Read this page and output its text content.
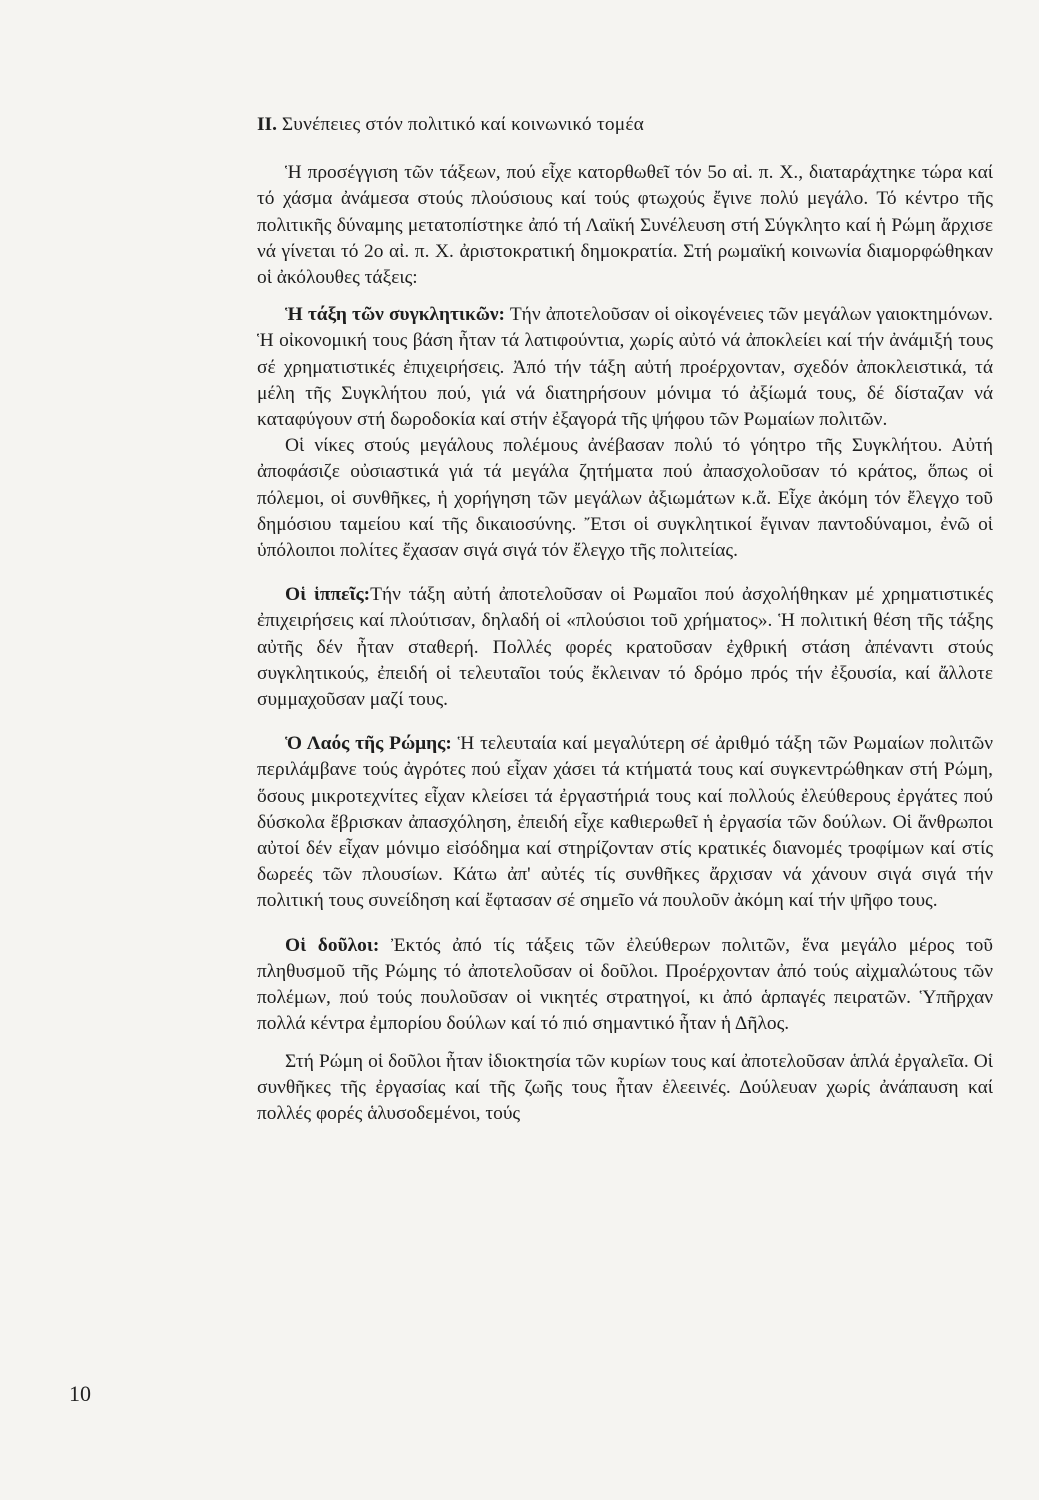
II. Συνέπειες στόν πολιτικό καί κοινωνικό τομέα

Ἡ προσέγγιση τῶν τάξεων, πού εἶχε κατορθωθεῖ τόν 5ο αἰ. π. Χ., διαταράχτηκε τώρα καί τό χάσμα ἀνάμεσα στούς πλούσιους καί τούς φτωχούς ἔγινε πολύ μεγάλο. Τό κέντρο τῆς πολιτικῆς δύναμης μετατοπίστηκε ἀπό τή Λαϊκή Συνέλευση στή Σύγκλητο καί ἡ Ρώμη ἄρχισε νά γίνεται τό 2ο αἰ. π. Χ. ἀριστοκρατική δημοκρατία. Στή ρωμαϊκή κοινωνία διαμορφώθηκαν οἱ ἀκόλουθες τάξεις:

Ἡ τάξη τῶν συγκλητικῶν: Τήν ἀποτελοῦσαν οἱ οἰκογένειες τῶν μεγάλων γαιοκτημόνων. Ἡ οἰκονομική τους βάση ἦταν τά λατιφούντια, χωρίς αὐτό νά ἀποκλείει καί τήν ἀνάμιξή τους σέ χρηματιστικές ἐπιχειρήσεις. Ἀπό τήν τάξη αὐτή προέρχονταν, σχεδόν ἀποκλειστικά, τά μέλη τῆς Συγκλήτου πού, γιά νά διατηρήσουν μόνιμα τό ἀξίωμά τους, δέ δίσταζαν νά καταφύγουν στή δωροδοκία καί στήν ἐξαγορά τῆς ψήφου τῶν Ρωμαίων πολιτῶν.

Οἱ νίκες στούς μεγάλους πολέμους ἀνέβασαν πολύ τό γόητρο τῆς Συγκλήτου. Αὐτή ἀποφάσιζε οὐσιαστικά γιά τά μεγάλα ζητήματα πού ἀπασχολοῦσαν τό κράτος, ὅπως οἱ πόλεμοι, οἱ συνθῆκες, ἡ χορήγηση τῶν μεγάλων ἀξιωμάτων κ.ἄ. Εἶχε ἀκόμη τόν ἔλεγχο τοῦ δημόσιου ταμείου καί τῆς δικαιοσύνης. Ἔτσι οἱ συγκλητικοί ἔγιναν παντοδύναμοι, ἐνῶ οἱ ὑπόλοιποι πολίτες ἔχασαν σιγά σιγά τόν ἔλεγχο τῆς πολιτείας.

Οἱ ἱππεῖς:Τήν τάξη αὐτή ἀποτελοῦσαν οἱ Ρωμαῖοι πού ἀσχολήθηκαν μέ χρηματιστικές ἐπιχειρήσεις καί πλούτισαν, δηλαδή οἱ «πλούσιοι τοῦ χρήματος». Ἡ πολιτική θέση τῆς τάξης αὐτῆς δέν ἦταν σταθερή. Πολλές φορές κρατοῦσαν ἐχθρική στάση ἀπέναντι στούς συγκλητικούς, ἐπειδή οἱ τελευταῖοι τούς ἔκλειναν τό δρόμο πρός τήν ἐξουσία, καί ἄλλοτε συμμαχοῦσαν μαζί τους.

Ὁ Λαός τῆς Ρώμης: Ἡ τελευταία καί μεγαλύτερη σέ ἀριθμό τάξη τῶν Ρωμαίων πολιτῶν περιλάμβανε τούς ἀγρότες πού εἶχαν χάσει τά κτήματά τους καί συγκεντρώθηκαν στή Ρώμη, ὅσους μικροτεχνίτες εἶχαν κλείσει τά ἐργαστήριά τους καί πολλούς ἐλεύθερους ἐργάτες πού δύσκολα ἔβρισκαν ἀπασχόληση, ἐπειδή εἶχε καθιερωθεῖ ἡ ἐργασία τῶν δούλων. Οἱ ἄνθρωποι αὐτοί δέν εἶχαν μόνιμο εἰσόδημα καί στηρίζονταν στίς κρατικές διανομές τροφίμων καί στίς δωρεές τῶν πλουσίων. Κάτω ἀπ' αὐτές τίς συνθῆκες ἄρχισαν νά χάνουν σιγά σιγά τήν πολιτική τους συνείδηση καί ἔφτασαν σέ σημεῖο νά πουλοῦν ἀκόμη καί τήν ψῆφο τους.

Οἱ δοῦλοι: Ἐκτός ἀπό τίς τάξεις τῶν ἐλεύθερων πολιτῶν, ἕνα μεγάλο μέρος τοῦ πληθυσμοῦ τῆς Ρώμης τό ἀποτελοῦσαν οἱ δοῦλοι. Προέρχονταν ἀπό τούς αἰχμαλώτους τῶν πολέμων, πού τούς πουλοῦσαν οἱ νικητές στρατηγοί, κι ἀπό ἁρπαγές πειρατῶν. Ὑπῆρχαν πολλά κέντρα ἐμπορίου δούλων καί τό πιό σημαντικό ἦταν ἡ Δῆλος.

Στή Ρώμη οἱ δοῦλοι ἦταν ἰδιοκτησία τῶν κυρίων τους καί ἀποτελοῦσαν ἁπλά ἐργαλεῖα. Οἱ συνθῆκες τῆς ἐργασίας καί τῆς ζωῆς τους ἦταν ἐλεεινές. Δούλευαν χωρίς ἀνάπαυση καί πολλές φορές ἁλυσοδεμένοι, τούς

10
